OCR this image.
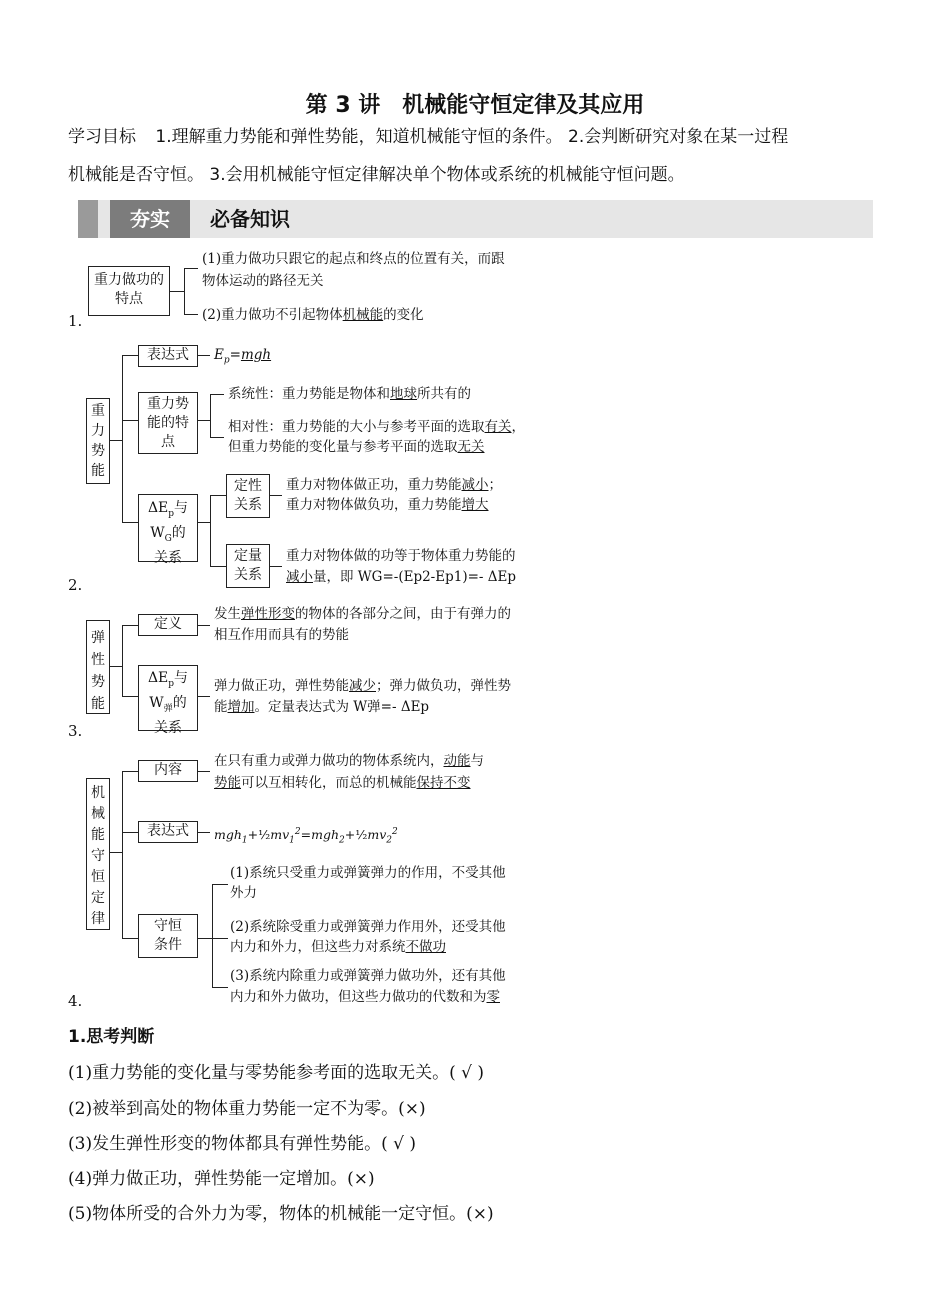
第 3 讲　机械能守恒定律及其应用
学习目标 1.理解重力势能和弹性势能，知道机械能守恒的条件。 2.会判断研究对象在某一过程
机械能是否守恒。 3.会用机械能守恒定律解决单个物体或系统的机械能守恒问题。
夯实	必备知识
重力做功的特点
(1)重力做功只跟它的起点和终点的位置有关，而跟
物体运动的路径无关
(2)重力做功不引起物体机械能的变化
1.
重力势能
表达式	$E_p=mgh$
重力势能的特点
系统性：重力势能是物体和地球所共有的
相对性：重力势能的大小与参考平面的选取有关，
但重力势能的变化量与参考平面的选取无关
$\Delta E_p$与
$W_G$的
关系
定性关系
重力对物体做正功，重力势能减小；
重力对物体做负功，重力势能增大
定量关系
重力对物体做的功等于物体重力势能的
减小量，即 WG=-(Ep2-Ep1)=- ΔEp
2.
弹性势能
定义
发生弹性形变的物体的各部分之间，由于有弹力的
相互作用而具有的势能
$\Delta E_p$与
$W_弹$的
关系
弹力做正功，弹性势能减少；弹力做负功，弹性势
能增加。定量表达式为 W弹=- ΔEp
3.
机械能守恒定律
内容
在只有重力或弹力做功的物体系统内，动能与
势能可以互相转化，而总的机械能保持不变
表达式	$mgh_1+\frac{1}{2}mv_1^2=mgh_2+\frac{1}{2}mv_2^2$
守恒条件
(1)系统只受重力或弹簧弹力的作用，不受其他
外力
(2)系统除受重力或弹簧弹力作用外，还受其他
内力和外力，但这些力对系统不做功
(3)系统内除重力或弹簧弹力做功外，还有其他
内力和外力做功，但这些力做功的代数和为零
4.
1.思考判断
(1)重力势能的变化量与零势能参考面的选取无关。( √ )
(2)被举到高处的物体重力势能一定不为零。(×)
(3)发生弹性形变的物体都具有弹性势能。( √ )
(4)弹力做正功，弹性势能一定增加。(×)
(5)物体所受的合外力为零，物体的机械能一定守恒。(×)
